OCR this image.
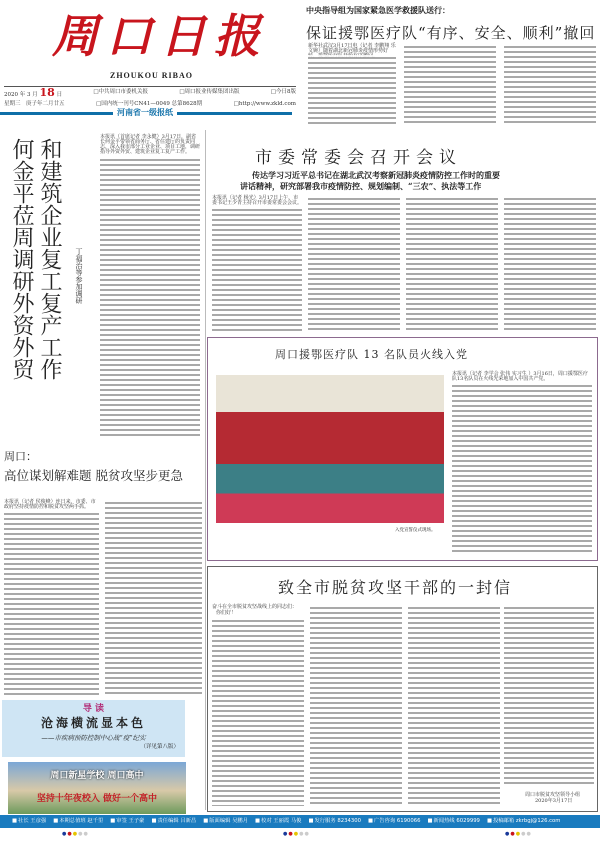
周口日报
ZHOUKOU RIBAO
2020 年 3 月 18 日	□中共周口市委机关报	□周口报业传媒集团出版	□今日8版
星期三　庚子年二月廿五	□国内统一刊号CN41—0049 总第8628期	□http://www.zkld.com
河南省一级报纸
中央指导组为国家紧急医学救援队送行：
保证援鄂医疗队“有序、安全、顺利”撤回
新华社武汉3月17日电（记者 李鹏翔 乐文婉）随着湖北新冠肺炎疫情形势好
和建筑企业复工复产工作
何金平莅周调研外资外贸	丁福治等参加调研
本报讯（首席记者 李永健）3月17日，副省长何金平带领省商务厅、省住建厅的负责同志，深入我市部分工业企业、项目工地，调研指导外资外贸、建筑企业复工复产工作。
周口：
高位谋划解难题 脱贫攻坚步更急
本报讯（记者 侯俊峰）连日来，市委、市政府坚持疫情防控和脱贫攻坚两手抓。
导 读
沧海横流显本色
——市疾病预防控制中心战“疫”纪实
（详见第八版）
周口新星学校 周口高中
坚持十年夜校入 做好一个高中
市委常委会召开会议
传达学习习近平总书记在湖北武汉考察新冠肺炎疫情防控工作时的重要
讲话精神，研究部署我市疫情防控、规划编制、“三农”、执法等工作
本报讯（记者 杨光）3月17日上午，市委书记王少青主持召开市委常委会会议。
周口援鄂医疗队 13 名队员火线入党
入党宣誓仪式现场。
本报讯（记者 李学会 张伟 实习生 ）3月16日，周口援鄂医疗队13名队员在火线光荣地加入中国共产党。
致全市脱贫攻坚干部的一封信
奋斗在全市脱贫攻坚战线上的同志们：
你们好！
周口市脱贫攻坚领导小组
2020年3月17日
■ 社长 王彦强	■ 本期总值班 赵千里	■ 审签 王子豪	■ 责任编辑 吕新昌	■ 版面编辑 吴鹏月	■ 校对 王丽霞 马俊	■ 发行服务 8234300	■ 广告咨询 6190066	■ 新闻热线 6029999	■ 投稿邮箱 zkrbgj@126.com
●●●●●	●●●●●	●●●●●
